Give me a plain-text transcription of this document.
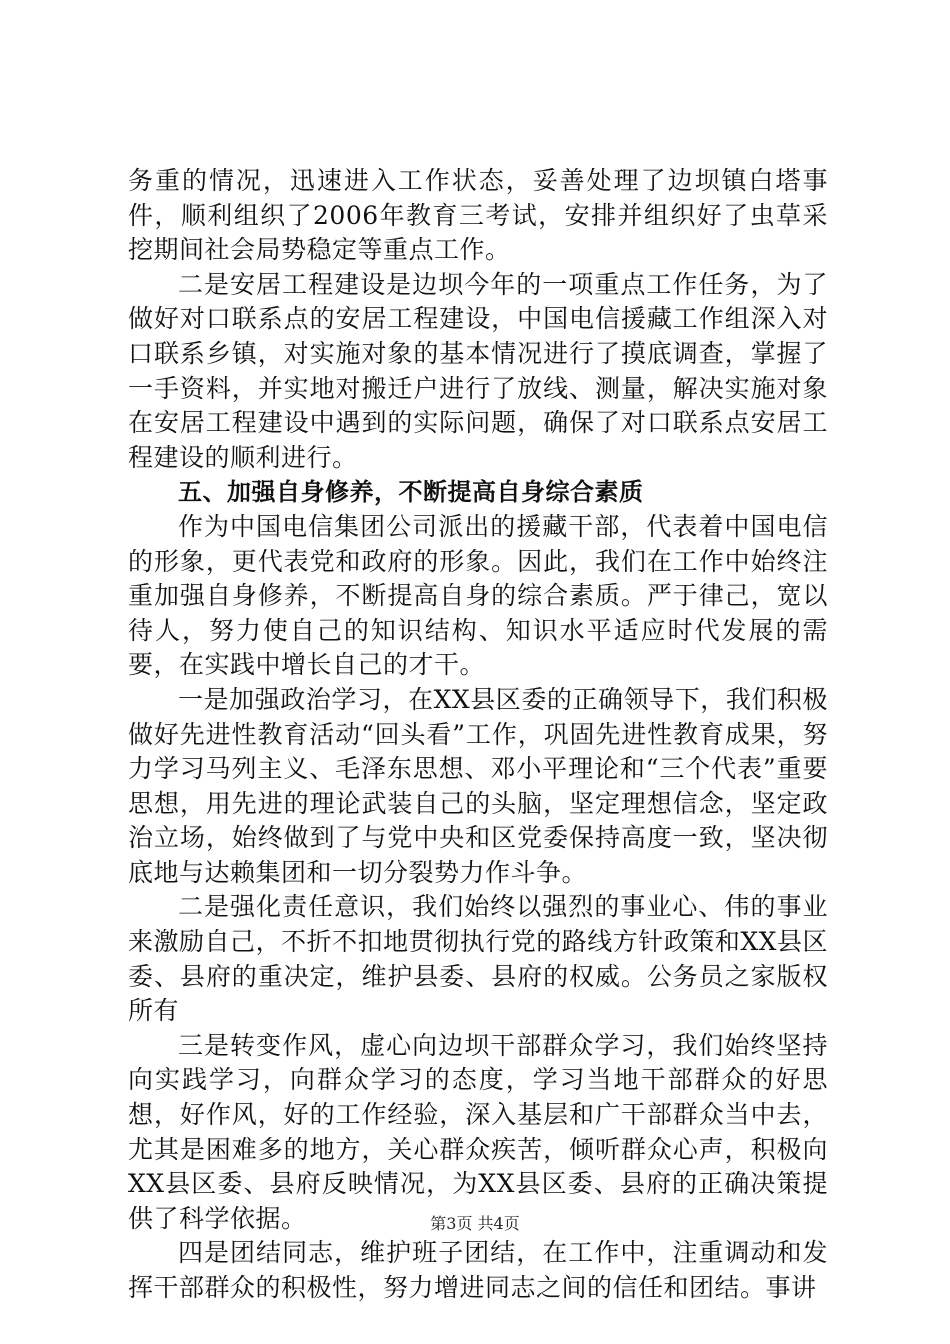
务重的情况，迅速进入工作状态，妥善处理了边坝镇白塔事件，顺利组织了2006年教育三考试，安排并组织好了虫草采挖期间社会局势稳定等重点工作。

二是安居工程建设是边坝今年的一项重点工作任务，为了做好对口联系点的安居工程建设，中国电信援藏工作组深入对口联系乡镇，对实施对象的基本情况进行了摸底调查，掌握了一手资料，并实地对搬迁户进行了放线、测量，解决实施对象在安居工程建设中遇到的实际问题，确保了对口联系点安居工程建设的顺利进行。

五、加强自身修养，不断提高自身综合素质

作为中国电信集团公司派出的援藏干部，代表着中国电信的形象，更代表党和政府的形象。因此，我们在工作中始终注重加强自身修养，不断提高自身的综合素质。严于律己，宽以待人，努力使自己的知识结构、知识水平适应时代发展的需要，在实践中增长自己的才干。

一是加强政治学习，在XX县区委的正确领导下，我们积极做好先进性教育活动“回头看”工作，巩固先进性教育成果，努力学习马列主义、毛泽东思想、邓小平理论和“三个代表”重要思想，用先进的理论武装自己的头脑，坚定理想信念，坚定政治立场，始终做到了与党中央和区党委保持高度一致，坚决彻底地与达赖集团和一切分裂势力作斗争。

二是强化责任意识，我们始终以强烈的事业心、伟的事业来激励自己，不折不扣地贯彻执行党的路线方针政策和XX县区委、县府的重决定，维护县委、县府的权威。公务员之家版权所有

三是转变作风，虚心向边坝干部群众学习，我们始终坚持向实践学习，向群众学习的态度，学习当地干部群众的好思想，好作风，好的工作经验，深入基层和广干部群众当中去，尤其是困难多的地方，关心群众疾苦，倾听群众心声，积极向XX县区委、县府反映情况，为XX县区委、县府的正确决策提供了科学依据。

四是团结同志，维护班子团结，在工作中，注重调动和发挥干部群众的积极性，努力增进同志之间的信任和团结。事讲

第3页 共4页
